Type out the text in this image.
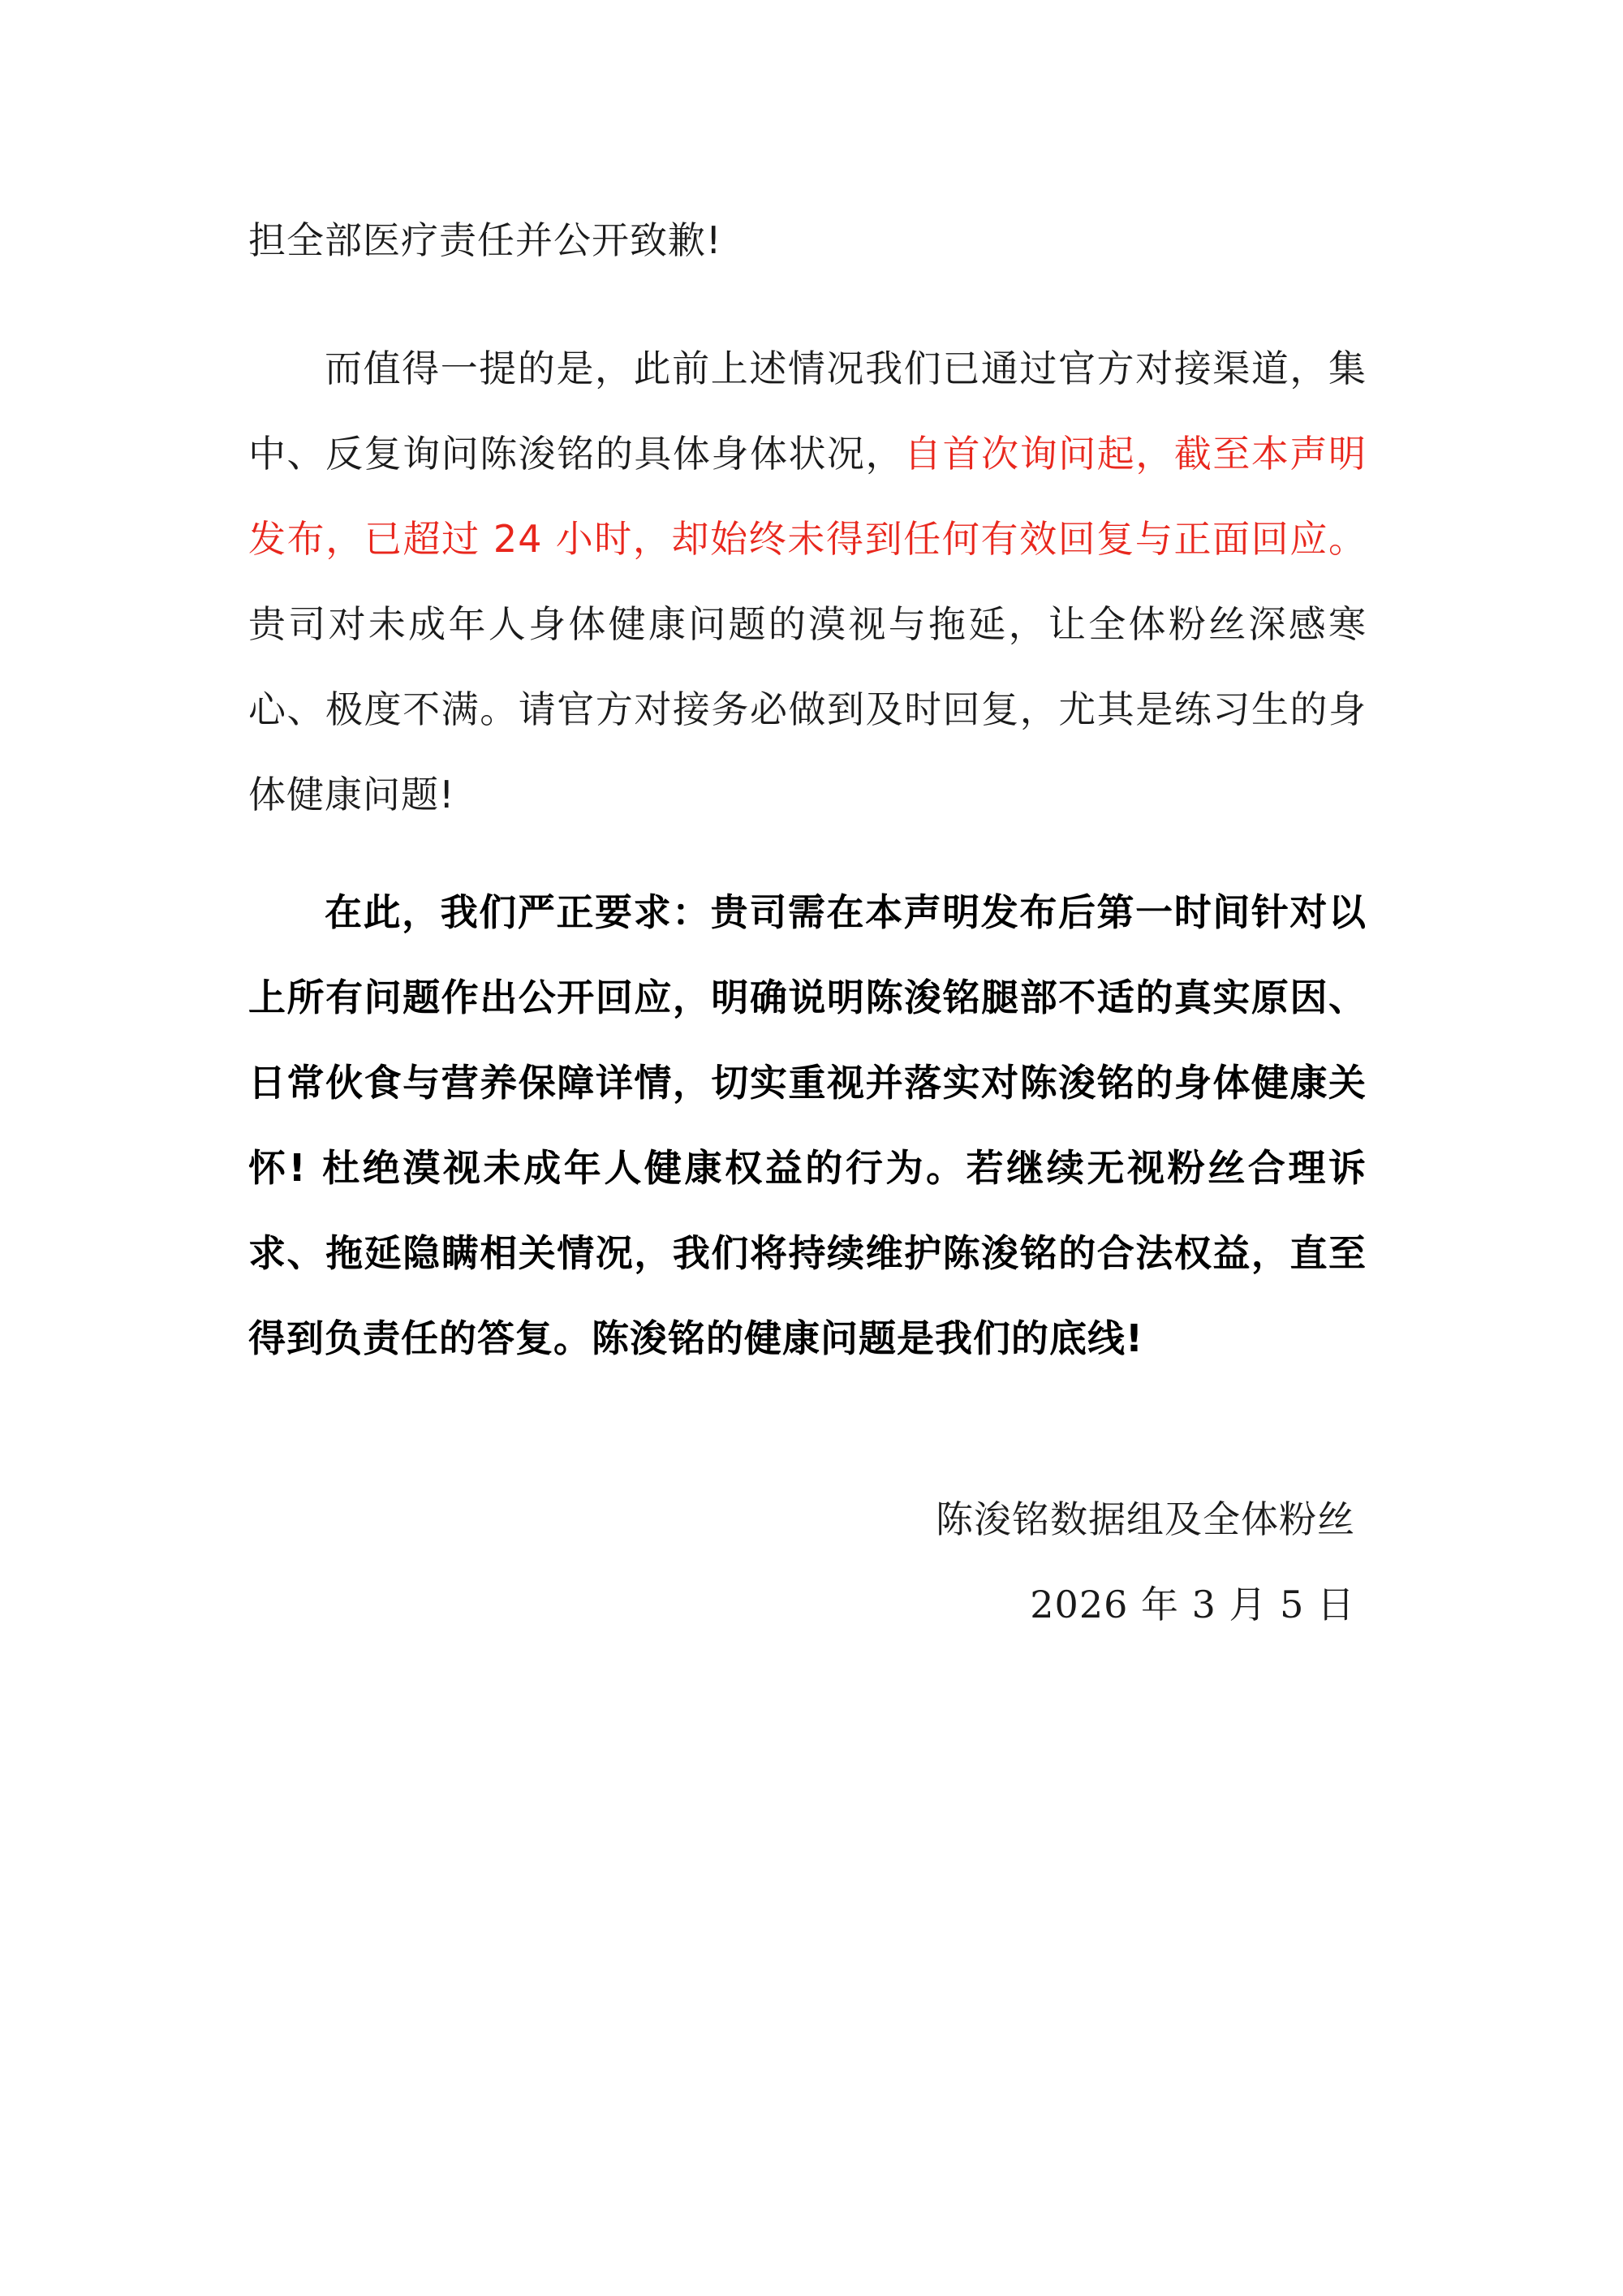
担全部医疗责任并公开致歉!
而值得一提的是，此前上述情况我们已通过官方对接渠道，集中、反复询问陈浚铭的具体身体状况，自首次询问起，截至本声明发布，已超过 24 小时，却始终未得到任何有效回复与正面回应。贵司对未成年人身体健康问题的漠视与拖延，让全体粉丝深感寒心、极度不满。请官方对接务必做到及时回复，尤其是练习生的身体健康问题!
在此，我们严正要求：贵司需在本声明发布后第一时间针对以上所有问题作出公开回应，明确说明陈浚铭腿部不适的真实原因、日常伙食与营养保障详情，切实重视并落实对陈浚铭的身体健康关怀! 杜绝漠视未成年人健康权益的行为。若继续无视粉丝合理诉求、拖延隐瞒相关情况，我们将持续维护陈浚铭的合法权益，直至得到负责任的答复。陈浚铭的健康问题是我们的底线!
陈浚铭数据组及全体粉丝
2026 年 3 月 5 日
